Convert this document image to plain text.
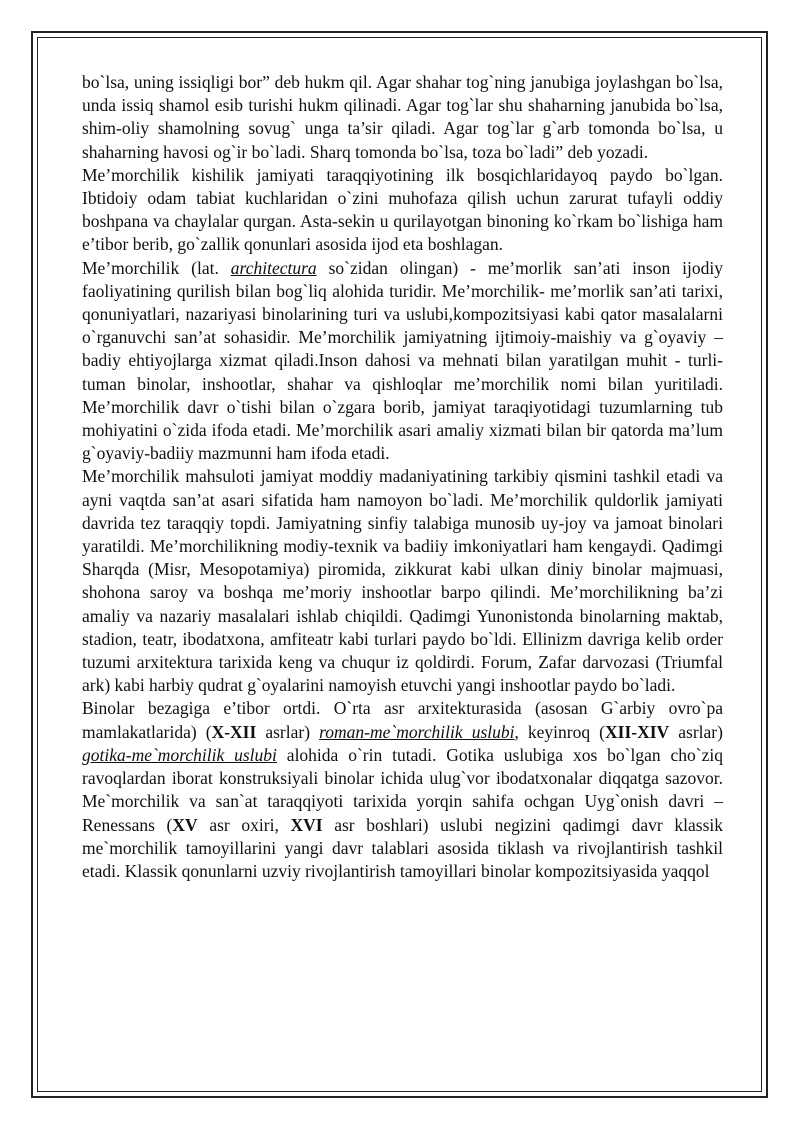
bo`lsa, uning issiqligi bor” deb hukm qil. Agar shahar tog`ning janubiga joylashgan bo`lsa, unda issiq shamol esib turishi hukm qilinadi. Agar tog`lar shu shaharning janubida bo`lsa, shim-oliy shamolning sovug` unga ta’sir qiladi. Agar tog`lar g`arb tomonda bo`lsa, u shaharning havosi og`ir bo`ladi. Sharq tomonda bo`lsa, toza bo`ladi” deb yozadi.

Me’morchilik kishilik jamiyati taraqqiyotining ilk bosqichlaridayoq paydo bo`lgan. Ibtidoiy odam tabiat kuchlaridan o`zini muhofaza qilish uchun zarurat tufayli oddiy boshpana va chaylalar qurgan. Asta-sekin u qurilayotgan binoning ko`rkam bo`lishiga ham e’tibor berib, go`zallik qonunlari asosida ijod eta boshlagan.

Me’morchilik (lat. architectura so`zidan olingan) - me’morlik san’ati inson ijodiy faoliyatining qurilish bilan bog`liq alohida turidir. Me’morchilik- me’morlik san’ati tarixi, qonuniyatlari, nazariyasi binolarining turi va uslubi,kompozitsiyasi kabi qator masalalarni o`rganuvchi san’at sohasidir. Me’morchilik jamiyatning ijtimoiy-maishiy va g`oyaviy – badiy ehtiyojlarga xizmat qiladi.Inson dahosi va mehnati bilan yaratilgan muhit - turli-tuman binolar, inshootlar, shahar va qishloqlar me’morchilik nomi bilan yuritiladi. Me’morchilik davr o`tishi bilan o`zgara borib, jamiyat taraqiyotidagi tuzumlarning tub mohiyatini o`zida ifoda etadi. Me’morchilik asari amaliy xizmati bilan bir qatorda ma’lum g`oyaviy-badiiy mazmunni ham ifoda etadi.

Me’morchilik mahsuloti jamiyat moddiy madaniyatining tarkibiy qismini tashkil etadi va ayni vaqtda san’at asari sifatida ham namoyon bo`ladi. Me’morchilik quldorlik jamiyati davrida tez taraqqiy topdi. Jamiyatning sinfiy talabiga munosib uy-joy va jamoat binolari yaratildi. Me’morchilikning modiy-texnik va badiiy imkoniyatlari ham kengaydi. Qadimgi Sharqda (Misr, Mesopotamiya) piromida, zikkurat kabi ulkan diniy binolar majmuasi, shohona saroy va boshqa me’moriy inshootlar barpo qilindi. Me’morchilikning ba’zi amaliy va nazariy masalalari ishlab chiqildi. Qadimgi Yunonistonda binolarning maktab, stadion, teatr, ibodatxona, amfiteatr kabi turlari paydo bo`ldi. Ellinizm davriga kelib order tuzumi arxitektura tarixida keng va chuqur iz qoldirdi. Forum, Zafar darvozasi (Triumfal ark) kabi harbiy qudrat g`oyalarini namoyish etuvchi yangi inshootlar paydo bo`ladi.

Binolar bezagiga e’tibor ortdi. O`rta asr arxitekturasida (asosan G`arbiy ovro`pa mamlakatlarida) (X-XII asrlar) roman-me`morchilik uslubi, keyinroq (XII-XIV asrlar) gotika-me`morchilik uslubi alohida o`rin tutadi. Gotika uslubiga xos bo`lgan cho`ziq ravoqlardan iborat konstruksiyali binolar ichida ulug`vor ibodatxonalar diqqatga sazovor. Me`morchilik va san`at taraqqiyoti tarixida yorqin sahifa ochgan Uyg`onish davri – Renessans (XV asr oxiri, XVI asr boshlari) uslubi negizini qadimgi davr klassik me`morchilik tamoyillarini yangi davr talablari asosida tiklash va rivojlantirish tashkil etadi. Klassik qonunlarni uzviy rivojlantirish tamoyillari binolar kompozitsiyasida yaqqol
